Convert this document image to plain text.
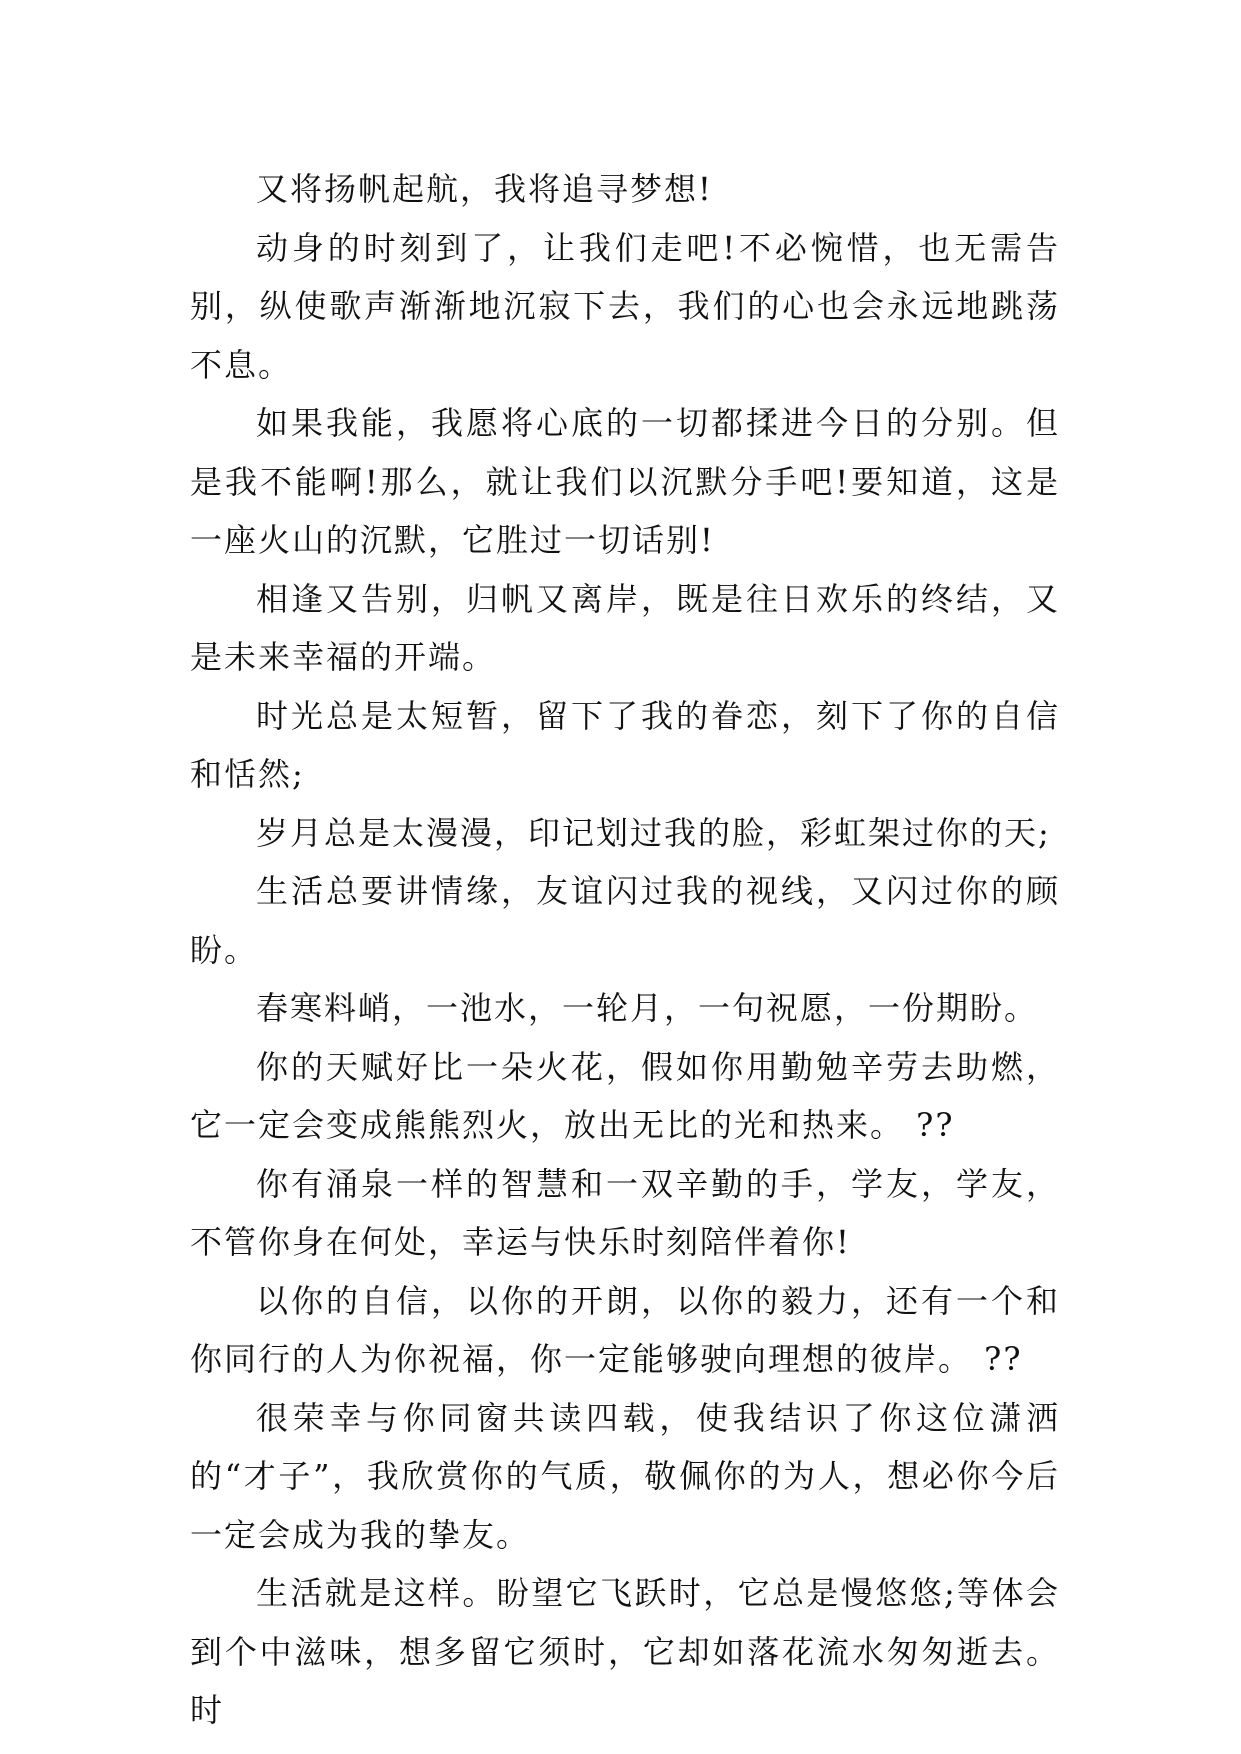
又将扬帆起航，我将追寻梦想!

动身的时刻到了，让我们走吧!不必惋惜，也无需告别，纵使歌声渐渐地沉寂下去，我们的心也会永远地跳荡不息。

如果我能，我愿将心底的一切都揉进今日的分别。但是我不能啊!那么，就让我们以沉默分手吧!要知道，这是一座火山的沉默，它胜过一切话别!

相逢又告别，归帆又离岸，既是往日欢乐的终结，又是未来幸福的开端。

时光总是太短暂，留下了我的眷恋，刻下了你的自信和恬然;

岁月总是太漫漫，印记划过我的脸，彩虹架过你的天;

生活总要讲情缘，友谊闪过我的视线，又闪过你的顾盼。

春寒料峭，一池水，一轮月，一句祝愿，一份期盼。

你的天赋好比一朵火花，假如你用勤勉辛劳去助燃，它一定会变成熊熊烈火，放出无比的光和热来。 ??

你有涌泉一样的智慧和一双辛勤的手，学友，学友，不管你身在何处，幸运与快乐时刻陪伴着你!

以你的自信，以你的开朗，以你的毅力，还有一个和你同行的人为你祝福，你一定能够驶向理想的彼岸。 ??

很荣幸与你同窗共读四载，使我结识了你这位潇洒的“才子”，我欣赏你的气质，敬佩你的为人，想必你今后一定会成为我的挚友。

生活就是这样。盼望它飞跃时，它总是慢悠悠;等体会到个中滋味，想多留它须时，它却如落花流水匆匆逝去。时
